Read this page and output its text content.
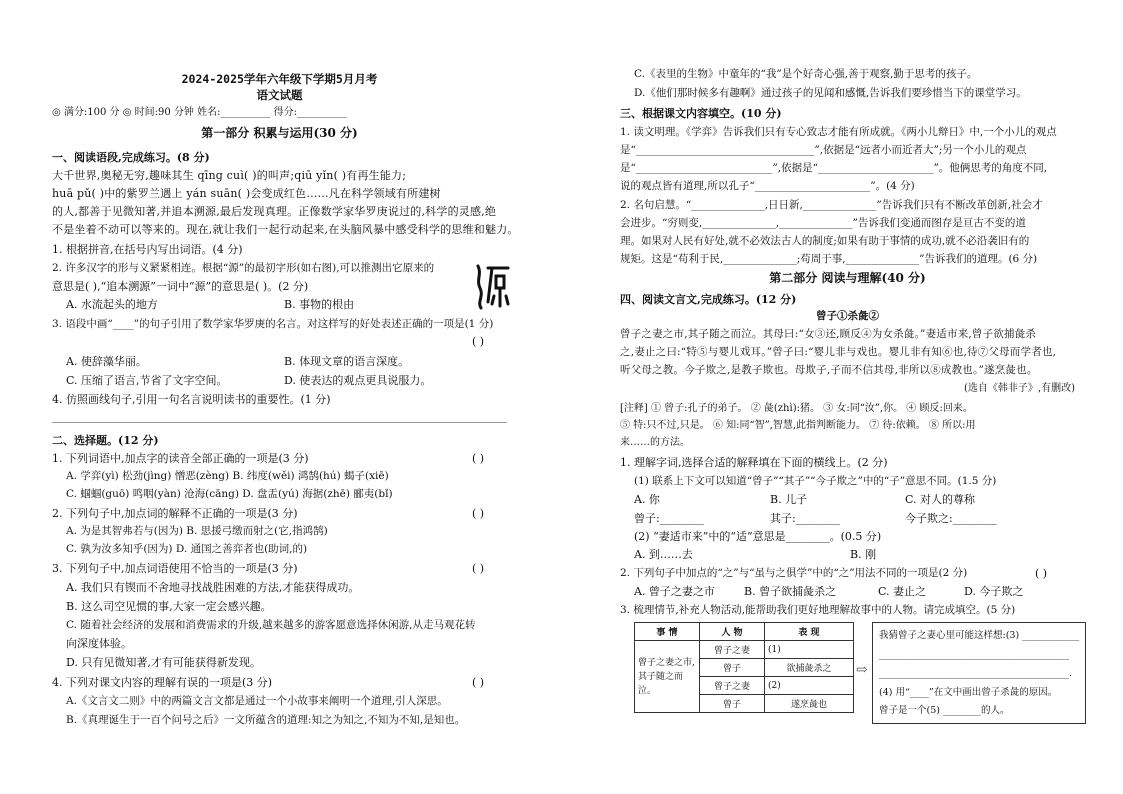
2024-2025学年六年级下学期5月月考
语文试题
◎ 满分:100 分 ◎ 时间:90 分钟 姓名:__________ 得分:__________
第一部分 积累与运用(30 分)
一、阅读语段,完成练习。(8 分)
大千世界,奥秘无穷,趣味其生 qīng cuì( )的叫声;qiū yǐn( )有再生能力;
huā pǔ( )中的紫罗兰遇上 yán suān( )会变成红色……凡在科学领域有所建树
的人,都善于见微知著,并追本溯源,最后发现真理。正像数学家华罗庚说过的,科学的灵感,绝
不是坐着不动可以等来的。现在,就让我们一起行动起来,在头脑风暴中感受科学的思维和魅力。
1. 根据拼音,在括号内写出词语。(4 分)
2. 许多汉字的形与义紧紧相连。根据“源”的最初字形(如右图),可以推测出它原来的
意思是( ),“追本溯源”一词中“源”的意思是( )。(2 分)
A. 水流起头的地方	B. 事物的根由
3. 语段中画“____”的句子引用了数学家华罗庚的名言。对这样写的好处表述正确的一项是(1 分)
( )
A. 使辞藻华丽。	B. 体现文章的语言深度。
C. 压缩了语言,节省了文字空间。	D. 使表达的观点更具说服力。
4. 仿照画线句子,引用一句名言说明读书的重要性。(1 分)
二、选择题。(12 分)
1. 下列词语中,加点字的读音全部正确的一项是(3 分)	( )
A. 学弈(yì) 松劲(jìng) 憎恶(zèng) B. 纬度(wěi) 鸿鹄(hú) 蝎子(xiē)
C. 蝈蝈(guō) 鸣咽(yàn) 沧海(cāng) D. 盘盂(yú) 海据(zhē) 郦夷(bǐ)
2. 下列句子中,加点词的解释不正确的一项是(3 分)	( )
A. 为是其智弗若与(因为) B. 思援弓缴而射之(它,指鸿鹄)
C. 孰为汝多知乎(因为) D. 通国之善弈者也(助词,的)
3. 下列句子中,加点词语使用不恰当的一项是(3 分)	( )
A. 我们只有锲而不舍地寻找战胜困难的方法,才能获得成功。
B. 这么司空见惯的事,大家一定会感兴趣。
C. 随着社会经济的发展和消费需求的升级,越来越多的游客愿意选择休闲游,从走马观花转
向深度体验。
D. 只有见微知著,才有可能获得新发现。
4. 下列对课文内容的理解有误的一项是(3 分)	( )
A.《文言文二则》中的两篇文言文都是通过一个小故事来阐明一个道理,引人深思。
B.《真理诞生于一百个问号之后》一文所蕴含的道理:知之为知之,不知为不知,是知也。
C.《表里的生物》中童年的“我”是个好奇心强,善于观察,勤于思考的孩子。
D.《他们那时候多有趣啊》通过孩子的见闻和感慨,告诉我们要珍惜当下的课堂学习。
三、根据课文内容填空。(10 分)
1. 读文明理。《学弈》告诉我们只有专心致志才能有所成就。《两小儿辩日》中,一个小儿的观点
是“__________________________________”,依据是“远者小而近者大”;另一个小儿的观点
是“__________________________”,依据是“______________________”。他俩思考的角度不同,
说的观点皆有道理,所以孔子“______________________”。(4 分)
2. 名句启慧。“______________,日日新,______________”告诉我们只有不断改革创新,社会才
会进步。“穷则变,______________,______________”告诉我们变通而图存是亘古不变的道
理。如果对人民有好处,就不必效法古人的制度;如果有助于事情的成功,就不必沿袭旧有的
规矩。这是“苟利于民,______________;苟周于事,______________”告诉我们的道理。(6 分)
第二部分 阅读与理解(40 分)
四、阅读文言文,完成练习。(12 分)
曾子①杀彘②
曾子之妻之市,其子随之而泣。其母曰:“女③还,顾反④为女杀彘。”妻适市来,曾子欲捕彘杀
之,妻止之曰:“特⑤与婴儿戏耳。”曾子曰:“婴儿非与戏也。婴儿非有知⑥也,待⑦父母而学者也,
听父母之教。今子欺之,是教子欺也。母欺子,子而不信其母,非所以⑧成教也。”遂烹彘也。
(选自《韩非子》,有删改)
[注释] ① 曾子:孔子的弟子。 ② 彘(zhì):猪。 ③ 女:同“汝”,你。 ④ 顾反:回来。
⑤ 特:只不过,只是。 ⑥ 知:同“智”,智慧,此指判断能力。 ⑦ 待:依赖。 ⑧ 所以:用
来……的方法。
1. 理解字词,选择合适的解释填在下面的横线上。(2 分)
(1) 联系上下文可以知道“曾子”“其子”“今子欺之”中的“子”意思不同。(1.5 分)
A. 你	B. 儿子	C. 对人的尊称
曾子:________	其子:________	今子欺之:________
(2) “妻适市来”中的“适”意思是________。(0.5 分)
A. 到……去	B. 刚
2. 下列句子中加点的“之”与“虽与之俱学”中的“之”用法不同的一项是(2 分)	( )
A. 曾子之妻之市	B. 曾子欲捕彘杀之	C. 妻止之	D. 今子欺之
3. 梳理情节,补充人物活动,能帮助我们更好地理解故事中的人物。请完成填空。(5 分)
事 情	人 物	表 现
曾子之妻之市,其子随之而泣。	曾子之妻	(1)
	曾子	欲捕彘杀之
	曾子之妻	(2)
	曾子	遂烹彘也
⇨
我猜曾子之妻心里可能这样想:(3) ____________
________________________________________
________________________________________.
(4) 用“____”在文中画出曾子杀彘的原因。
曾子是一个(5) ________的人。
